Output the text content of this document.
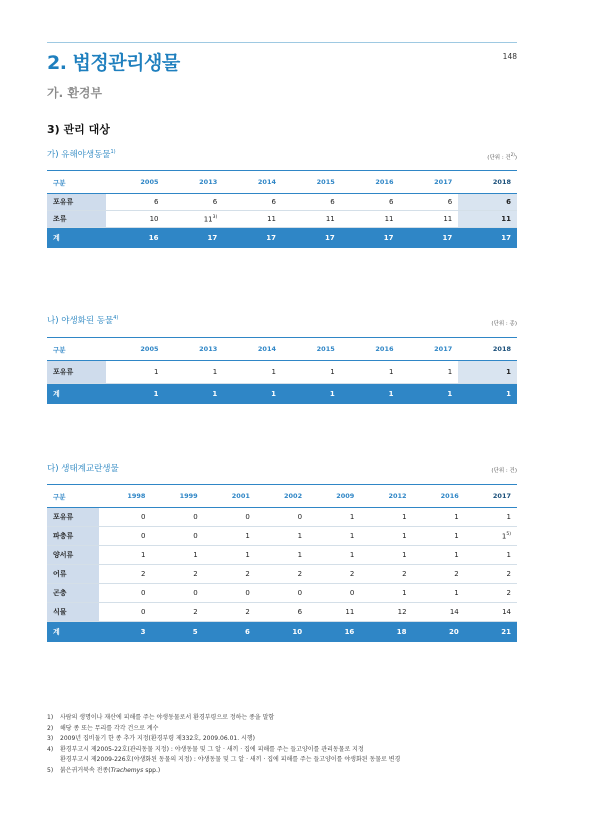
2. 법정관리생물	148
가. 환경부
3) 관리 대상
가) 유해야생동물$^{1)}$
(단위 : 건$^{2)}$)
구분	2005	2013	2014	2015	2016	2017	2018
포유류	6	6	6	6	6	6	6
조류	10	11$^{3)}$	11	11	11	11	11
계	16	17	17	17	17	17	17
나) 야생화된 동물$^{4)}$
(단위 : 종)
구분	2005	2013	2014	2015	2016	2017	2018
포유류	1	1	1	1	1	1	1
계	1	1	1	1	1	1	1
다) 생태계교란생물	(단위 : 건)
구분	1998	1999	2001	2002	2009	2012	2016	2017
포유류	0	0	0	0	1	1	1	1
파충류	0	0	1	1	1	1	1	1$^{5)}$
양서류	1	1	1	1	1	1	1	1
어류	2	2	2	2	2	2	2	2
곤충	0	0	0	0	0	1	1	2
식물	0	2	2	6	11	12	14	14
계	3	5	6	10	16	18	20	21
1)	사람의 생명이나 재산에 피해를 주는 야생동물로서 환경부령으로 정하는 종을 말함
2)	해당 종 또는 무리를 각각 건으로 계수
3)	2009년 집비둘기 한 종 추가 지정(환경부령 제332호, 2009.06.01. 시행)
4)	환경부고시 제2005-22호(관리동물 지정) : 야생동물 및 그 알 · 새끼 · 집에 피해를 주는 들고양이를 관리동물로 지정
환경부고시 제2009-226호(야생화된 동물의 지정) : 야생동물 및 그 알 · 새끼 · 집에 피해를 주는 들고양이를 야생화된 동물로 변경
5)	붉은귀거북속 전종(Trachemys spp.)
